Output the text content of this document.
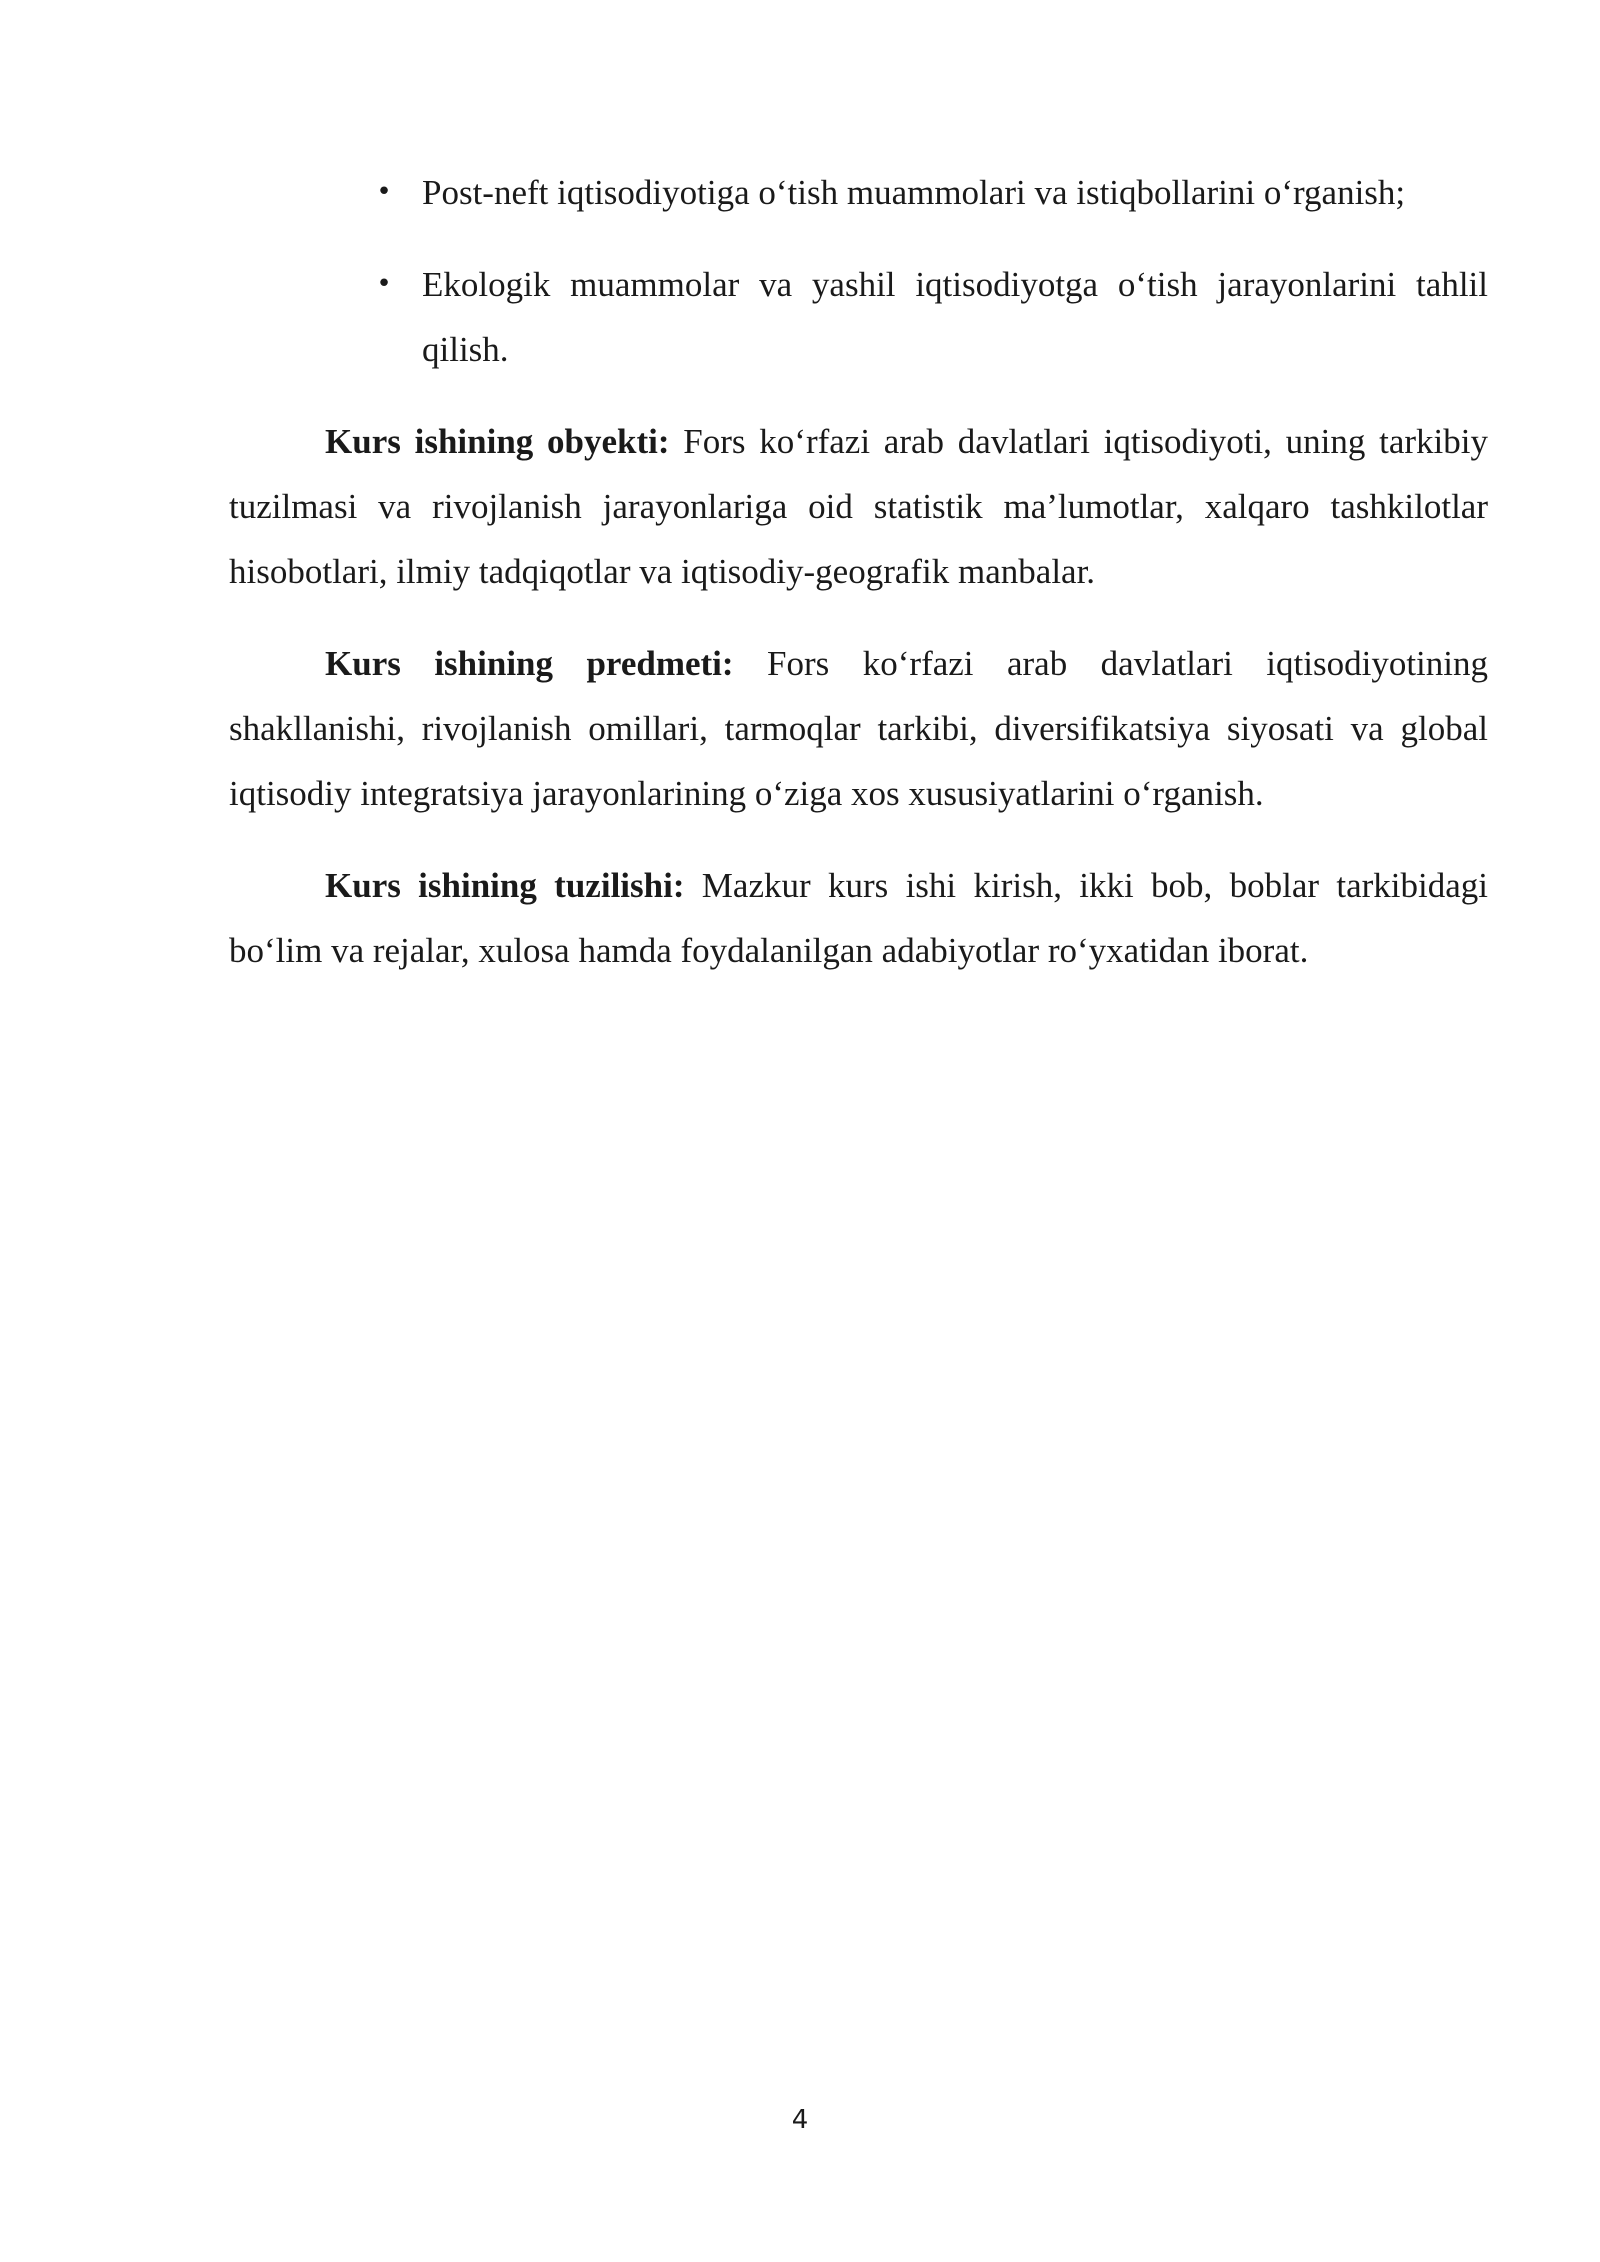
• Post-neft iqtisodiyotiga o‘tish muammolari va istiqbollarini o‘rganish;
• Ekologik muammolar va yashil iqtisodiyotga o‘tish jarayonlarini tahlil qilish.

Kurs ishining obyekti: Fors ko‘rfazi arab davlatlari iqtisodiyoti, uning tarkibiy tuzilmasi va rivojlanish jarayonlariga oid statistik ma’lumotlar, xalqaro tashkilotlar hisobotlari, ilmiy tadqiqotlar va iqtisodiy-geografik manbalar.

Kurs ishining predmeti: Fors ko‘rfazi arab davlatlari iqtisodiyotining shakllanishi, rivojlanish omillari, tarmoqlar tarkibi, diversifikatsiya siyosati va global iqtisodiy integratsiya jarayonlarining o‘ziga xos xususiyatlarini o‘rganish.

Kurs ishining tuzilishi: Mazkur kurs ishi kirish, ikki bob, boblar tarkibidagi bo‘lim va rejalar, xulosa hamda foydalanilgan adabiyotlar ro‘yxatidan iborat.

4
